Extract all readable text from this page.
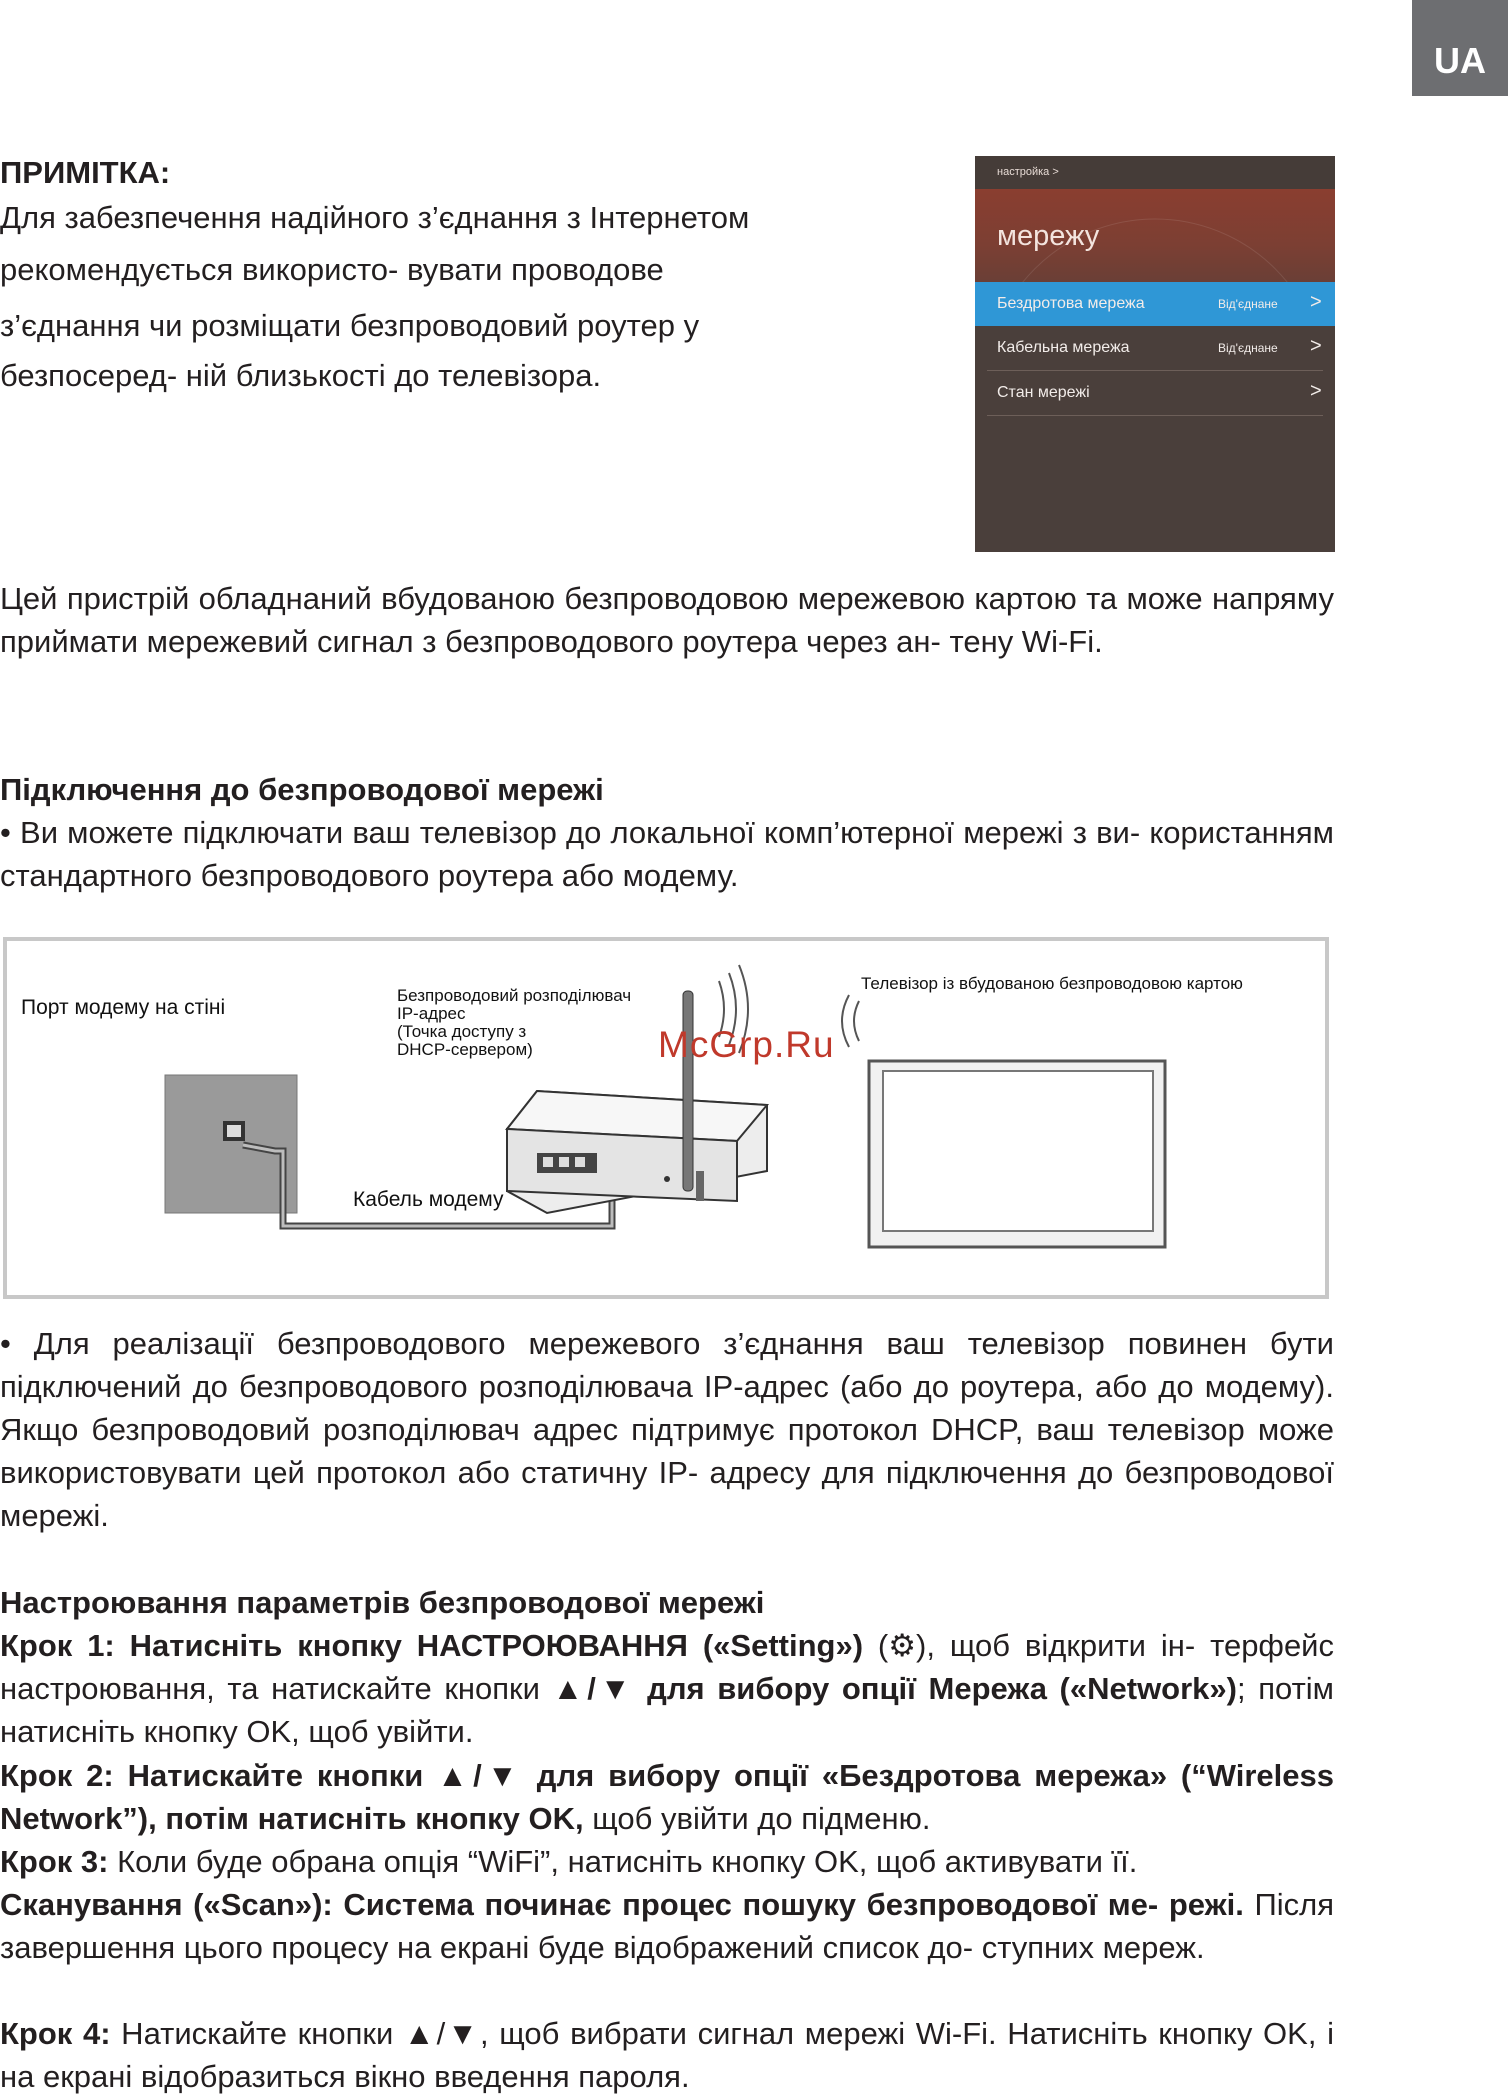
UA
ПРИМІТКА:
Для забезпечення надійного з’єднання з Інтернетом
рекомендується використо- вувати проводове
з’єднання чи розміщати безпроводовий роутер у
безпосеред- ній близькості до телевізора.
настройка >
мережу
Бездротова мережа	Від'єднане >
Кабельна мережа	Від'єднане >
Стан мережі	>
Цей пристрій обладнаний вбудованою безпроводовою мережевою картою та може напряму приймати мережевий сигнал з безпроводового роутера через ан- тену Wi-Fi.
Підключення до безпроводової мережі
• Ви можете підключати ваш телевізор до локальної комп’ютерної мережі з ви- користанням стандартного безпроводового роутера або модему.
Порт модему на стіні
Безпроводовий розподілювач
IP-адрес
(Точка доступу з
DHCP-сервером)
Телевізор із вбудованою безпроводовою картою
Кабель модему
McGrp.Ru
• Для реалізації безпроводового мережевого з’єднання ваш телевізор повинен бути підключений до безпроводового розподілювача IP-адрес (або до роутера, або до модему). Якщо безпроводовий розподілювач адрес підтримує протокол DHCP, ваш телевізор може використовувати цей протокол або статичну IP- адресу для підключення до безпроводової мережі.
Настроювання параметрів безпроводової мережі
Крок 1: Натисніть кнопку НАСТРОЮВАННЯ («Setting») (⚙), щоб відкрити ін- терфейс настроювання, та натискайте кнопки ▲/▼ для вибору опції Мережа («Network»); потім натисніть кнопку OK, щоб увійти.
Крок 2: Натискайте кнопки ▲/▼ для вибору опції «Бездротова мережа» (“Wireless Network”), потім натисніть кнопку OK, щоб увійти до підменю.
Крок 3: Коли буде обрана опція “WiFi”, натисніть кнопку OK, щоб активувати її.
Сканування («Scan»): Система починає процес пошуку безпроводової ме- режі. Після завершення цього процесу на екрані буде відображений список до- ступних мереж.
Крок 4: Натискайте кнопки ▲/▼, щоб вибрати сигнал мережі Wi-Fi. Натисніть кнопку OK, і на екрані відобразиться вікно введення пароля.
